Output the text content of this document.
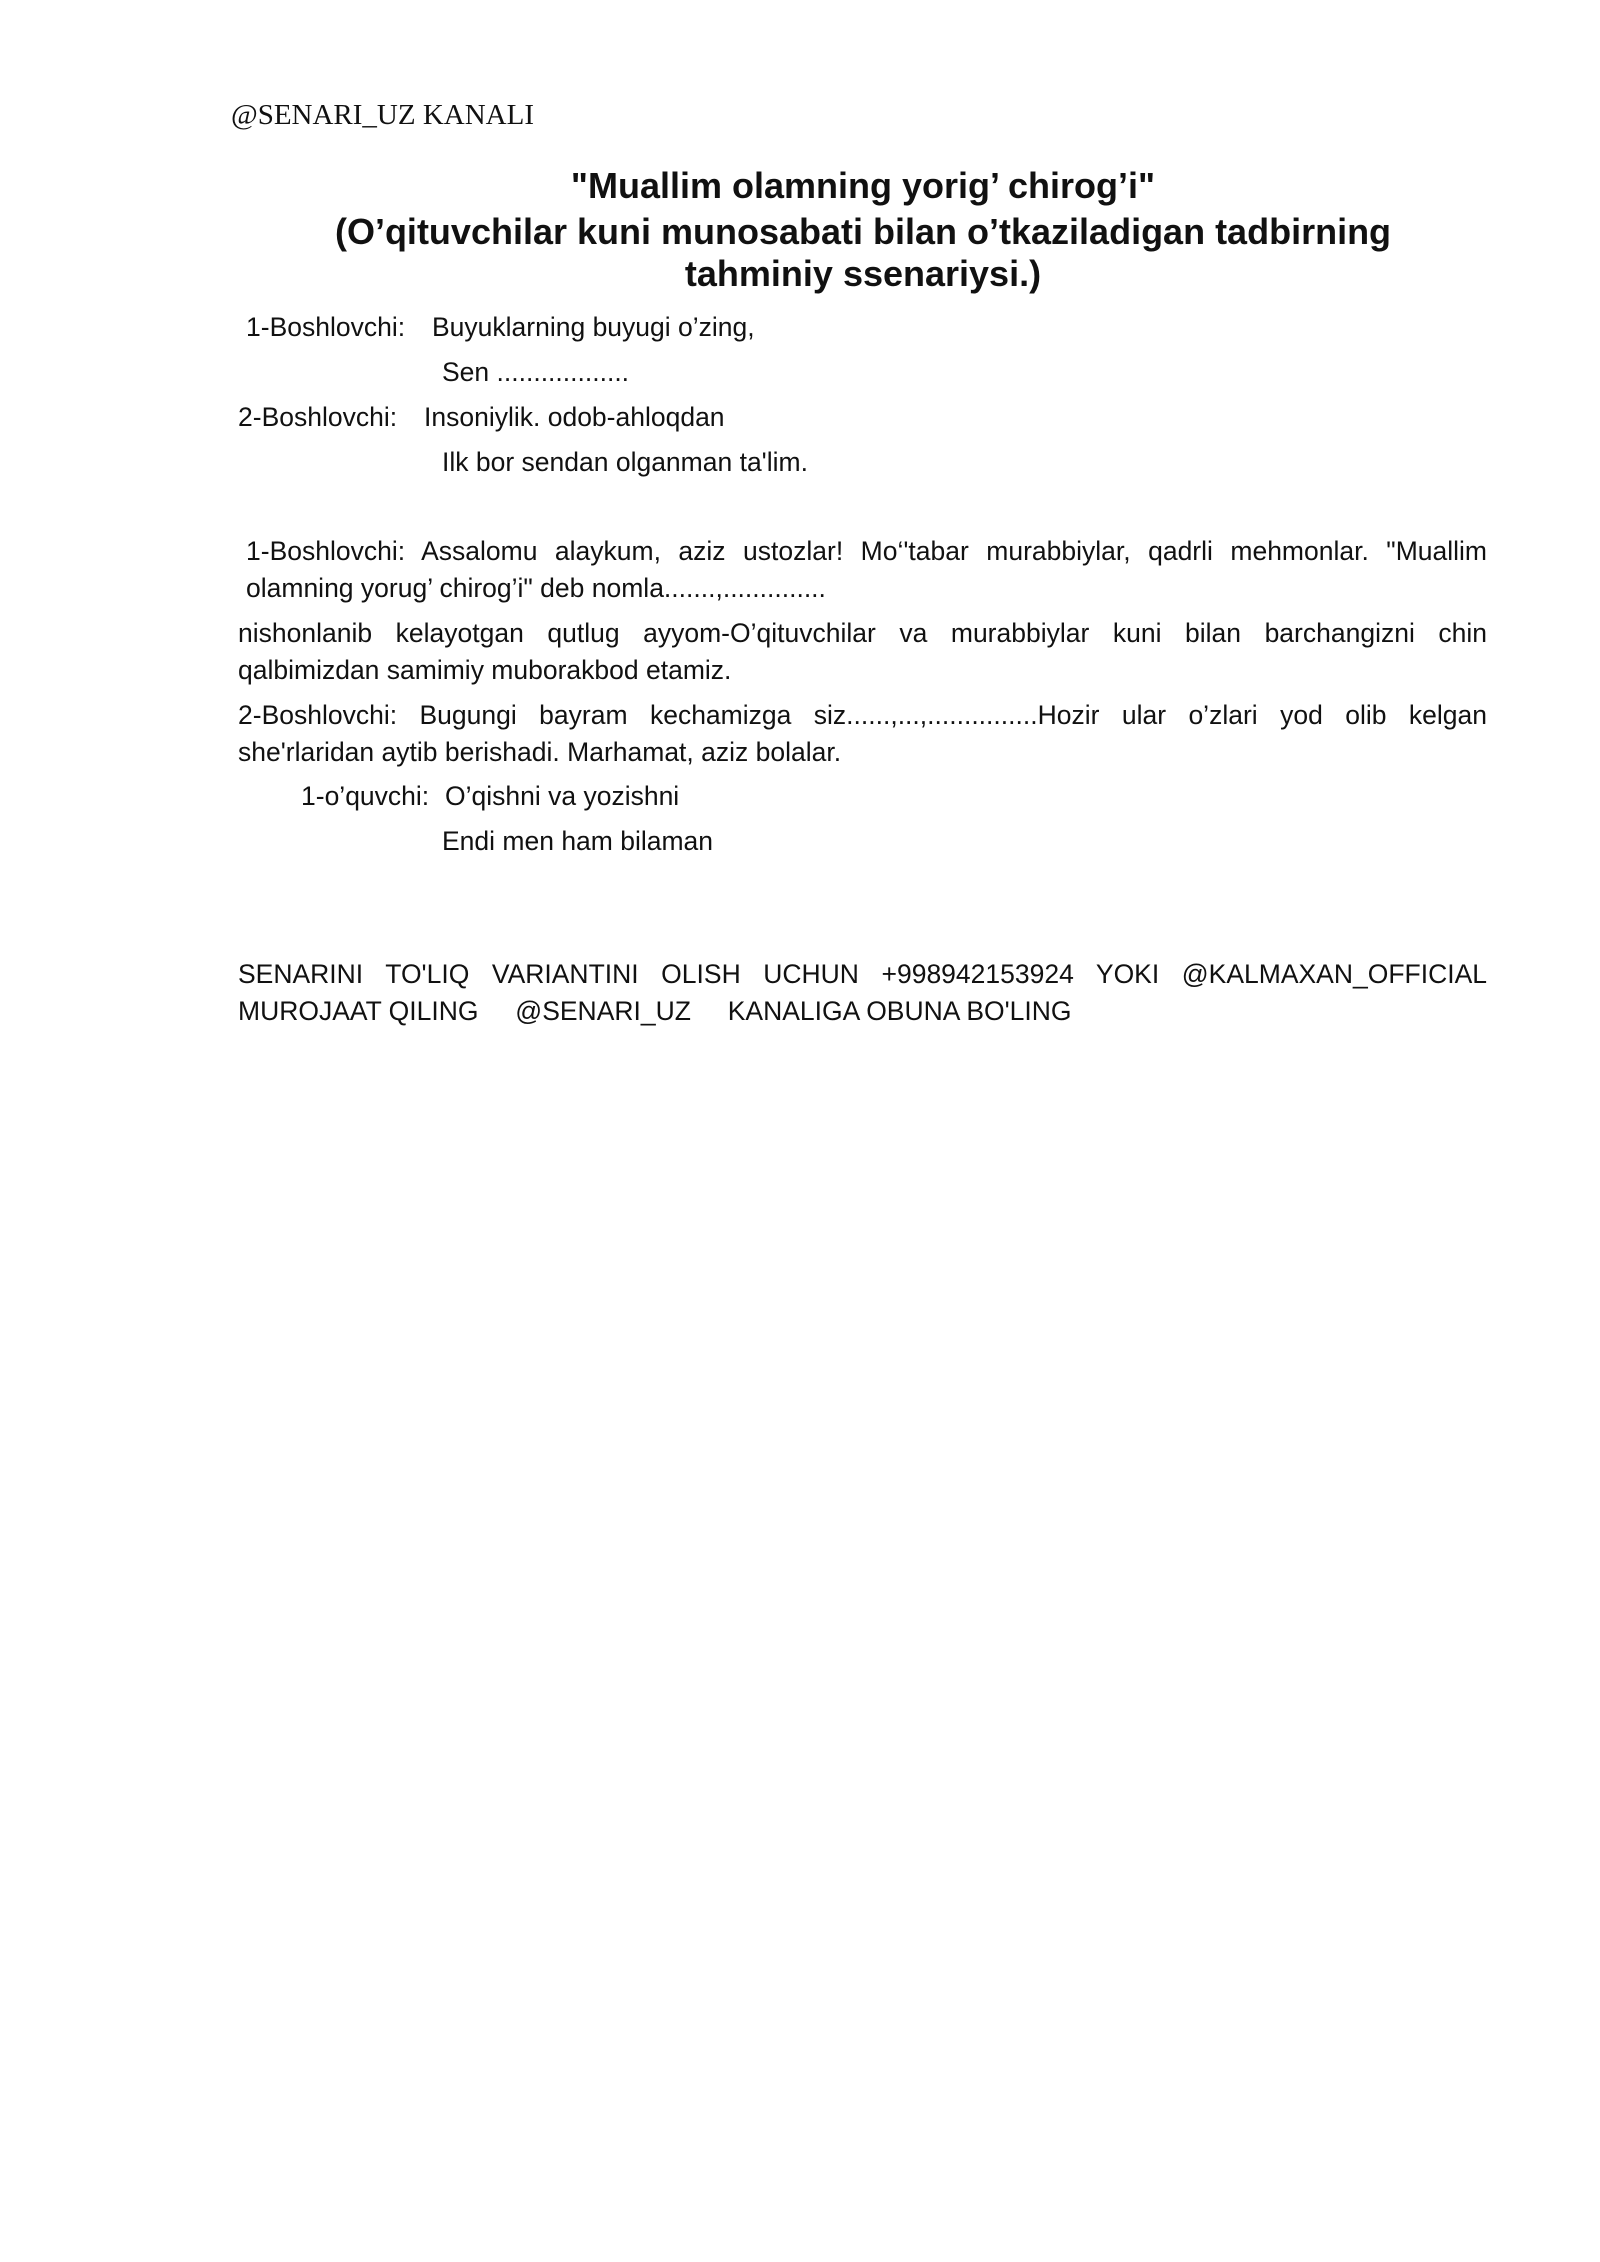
@SENARI_UZ KANALI

"Muallim olamning yorig’ chirog’i"
(O’qituvchilar kuni munosabati bilan o’tkaziladigan tadbirning tahminiy ssenariysi.)

1-Boshlovchi: Buyuklarning buyugi o’zing,

Sen ..................

2-Boshlovchi: Insoniylik. odob-ahloqdan

Ilk bor sendan olganman ta'lim.

1-Boshlovchi: Assalomu alaykum, aziz ustozlar! Mo‘'tabar murabbiylar, qadrli mehmonlar. "Muallim olamning yorug’ chirog’i" deb nomla.......,..............

nishonlanib kelayotgan qutlug ayyom-O’qituvchilar va murabbiylar kuni bilan barchangizni chin qalbimizdan samimiy muborakbod etamiz.

2-Boshlovchi: Bugungi bayram kechamizga siz......,...,...............Hozir ular o’zlari yod olib kelgan she'rlaridan aytib berishadi. Marhamat, aziz bolalar.

1-o’quvchi: O’qishni va yozishni

Endi men ham bilaman

SENARINI TO'LIQ VARIANTINI OLISH UCHUN +998942153924 YOKI @KALMAXAN_OFFICIAL MUROJAAT QILING     @SENARI_UZ     KANALIGA OBUNA BO'LING
